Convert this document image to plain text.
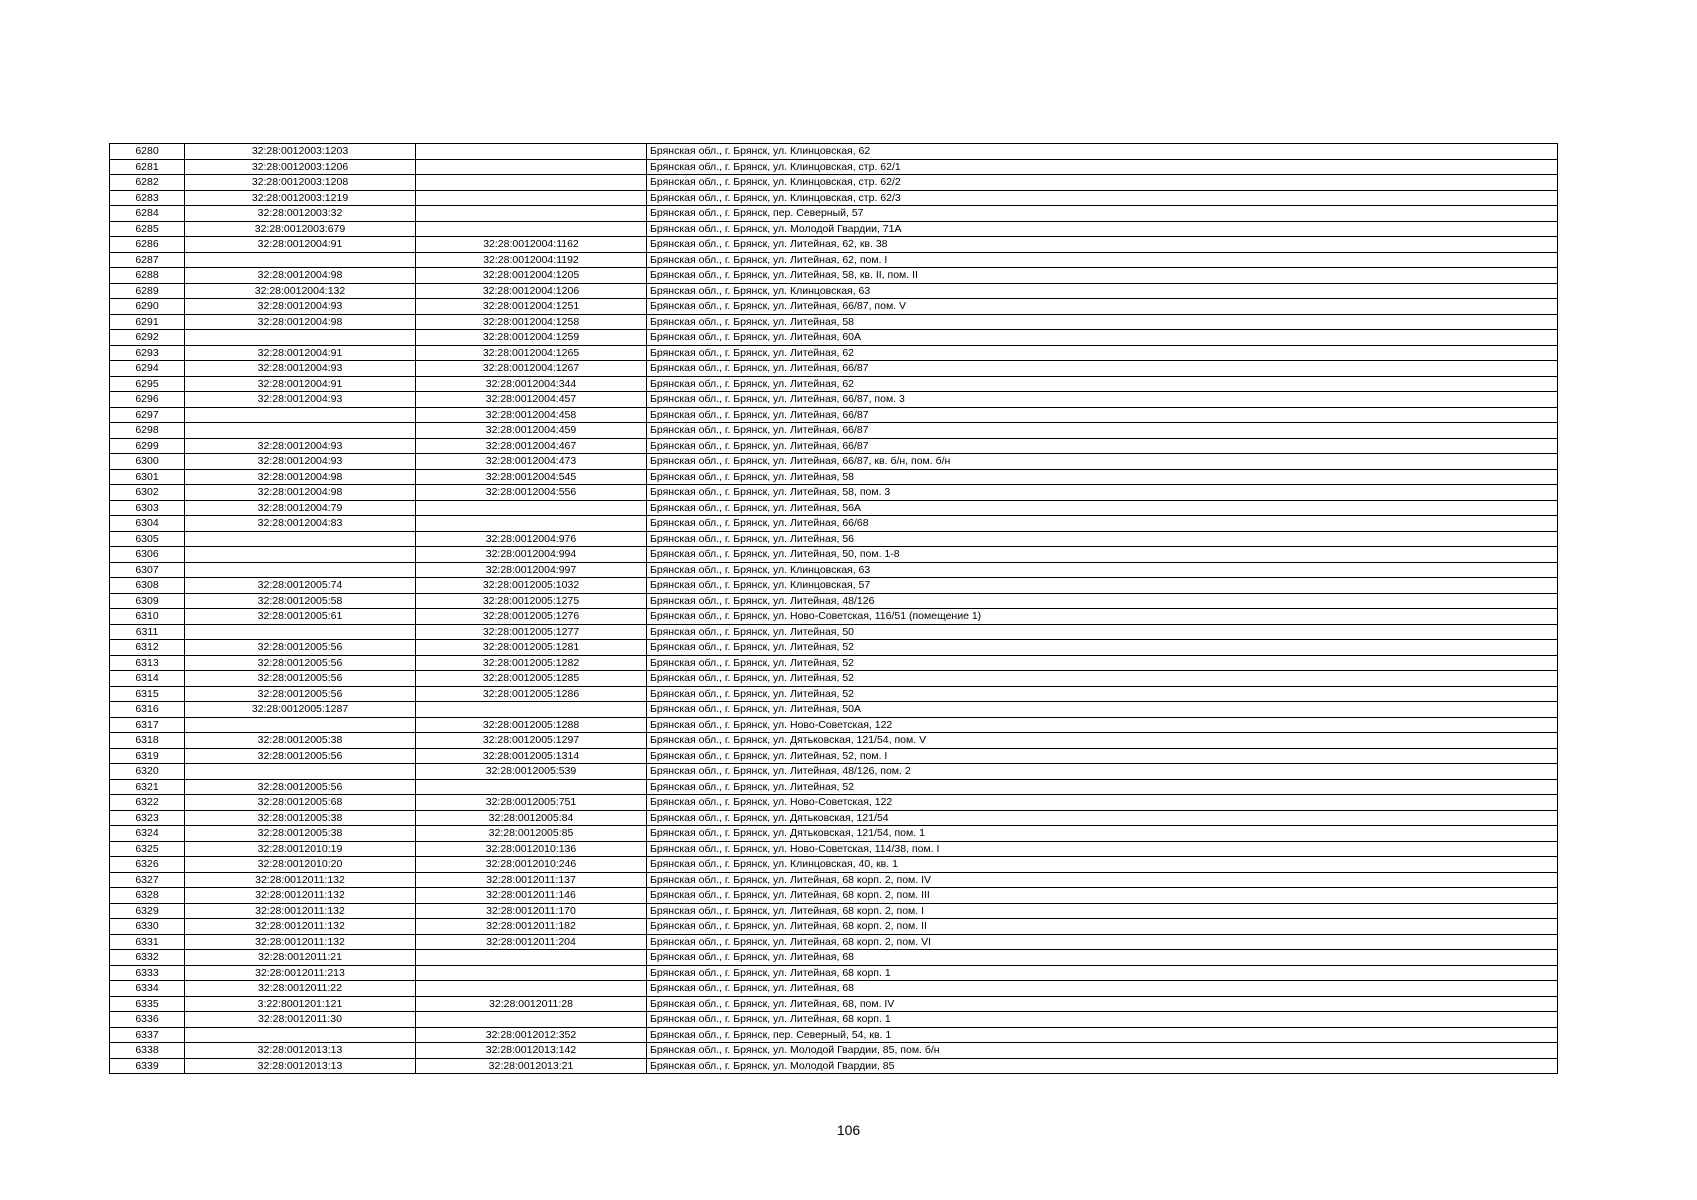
6280	32:28:0012003:1203		Брянская обл., г. Брянск, ул. Клинцовская, 62
6281	32:28:0012003:1206		Брянская обл., г. Брянск, ул. Клинцовская, стр. 62/1
6282	32:28:0012003:1208		Брянская обл., г. Брянск, ул. Клинцовская, стр. 62/2
6283	32:28:0012003:1219		Брянская обл., г. Брянск, ул. Клинцовская, стр. 62/3
6284	32:28:0012003:32		Брянская обл., г. Брянск, пер. Северный, 57
6285	32:28:0012003:679		Брянская обл., г. Брянск, ул. Молодой Гвардии, 71А
6286	32:28:0012004:91	32:28:0012004:1162	Брянская обл., г. Брянск, ул. Литейная, 62, кв. 38
6287		32:28:0012004:1192	Брянская обл., г. Брянск, ул. Литейная, 62, пом. I
6288	32:28:0012004:98	32:28:0012004:1205	Брянская обл., г. Брянск, ул. Литейная, 58, кв. II, пом. II
6289	32:28:0012004:132	32:28:0012004:1206	Брянская обл., г. Брянск, ул. Клинцовская, 63
6290	32:28:0012004:93	32:28:0012004:1251	Брянская обл., г. Брянск, ул. Литейная, 66/87, пом. V
6291	32:28:0012004:98	32:28:0012004:1258	Брянская обл., г. Брянск, ул. Литейная, 58
6292		32:28:0012004:1259	Брянская обл., г. Брянск, ул. Литейная, 60А
6293	32:28:0012004:91	32:28:0012004:1265	Брянская обл., г. Брянск, ул. Литейная, 62
6294	32:28:0012004:93	32:28:0012004:1267	Брянская обл., г. Брянск, ул. Литейная, 66/87
6295	32:28:0012004:91	32:28:0012004:344	Брянская обл., г. Брянск, ул. Литейная, 62
6296	32:28:0012004:93	32:28:0012004:457	Брянская обл., г. Брянск, ул. Литейная, 66/87, пом. 3
6297		32:28:0012004:458	Брянская обл., г. Брянск, ул. Литейная, 66/87
6298		32:28:0012004:459	Брянская обл., г. Брянск, ул. Литейная, 66/87
6299	32:28:0012004:93	32:28:0012004:467	Брянская обл., г. Брянск, ул. Литейная, 66/87
6300	32:28:0012004:93	32:28:0012004:473	Брянская обл., г. Брянск, ул. Литейная, 66/87, кв. б/н, пом. б/н
6301	32:28:0012004:98	32:28:0012004:545	Брянская обл., г. Брянск, ул. Литейная, 58
6302	32:28:0012004:98	32:28:0012004:556	Брянская обл., г. Брянск, ул. Литейная, 58, пом. 3
6303	32:28:0012004:79		Брянская обл., г. Брянск, ул. Литейная, 56А
6304	32:28:0012004:83		Брянская обл., г. Брянск, ул. Литейная, 66/68
6305		32:28:0012004:976	Брянская обл., г. Брянск, ул. Литейная, 56
6306		32:28:0012004:994	Брянская обл., г. Брянск, ул. Литейная, 50, пом. 1-8
6307		32:28:0012004:997	Брянская обл., г. Брянск, ул. Клинцовская, 63
6308	32:28:0012005:74	32:28:0012005:1032	Брянская обл., г. Брянск, ул. Клинцовская, 57
6309	32:28:0012005:58	32:28:0012005:1275	Брянская обл., г. Брянск, ул. Литейная, 48/126
6310	32:28:0012005:61	32:28:0012005:1276	Брянская обл., г. Брянск, ул. Ново-Советская, 116/51 (помещение 1)
6311		32:28:0012005:1277	Брянская обл., г. Брянск, ул. Литейная, 50
6312	32:28:0012005:56	32:28:0012005:1281	Брянская обл., г. Брянск, ул. Литейная, 52
6313	32:28:0012005:56	32:28:0012005:1282	Брянская обл., г. Брянск, ул. Литейная, 52
6314	32:28:0012005:56	32:28:0012005:1285	Брянская обл., г. Брянск, ул. Литейная, 52
6315	32:28:0012005:56	32:28:0012005:1286	Брянская обл., г. Брянск, ул. Литейная, 52
6316	32:28:0012005:1287		Брянская обл., г. Брянск, ул. Литейная, 50А
6317		32:28:0012005:1288	Брянская обл., г. Брянск, ул. Ново-Советская, 122
6318	32:28:0012005:38	32:28:0012005:1297	Брянская обл., г. Брянск, ул. Дятьковская, 121/54, пом. V
6319	32:28:0012005:56	32:28:0012005:1314	Брянская обл., г. Брянск, ул. Литейная, 52, пом. I
6320		32:28:0012005:539	Брянская обл., г. Брянск, ул. Литейная, 48/126, пом. 2
6321	32:28:0012005:56		Брянская обл., г. Брянск, ул. Литейная, 52
6322	32:28:0012005:68	32:28:0012005:751	Брянская обл., г. Брянск, ул. Ново-Советская, 122
6323	32:28:0012005:38	32:28:0012005:84	Брянская обл., г. Брянск, ул. Дятьковская, 121/54
6324	32:28:0012005:38	32:28:0012005:85	Брянская обл., г. Брянск, ул. Дятьковская, 121/54, пом. 1
6325	32:28:0012010:19	32:28:0012010:136	Брянская обл., г. Брянск, ул. Ново-Советская, 114/38, пом. I
6326	32:28:0012010:20	32:28:0012010:246	Брянская обл., г. Брянск, ул. Клинцовская, 40, кв. 1
6327	32:28:0012011:132	32:28:0012011:137	Брянская обл., г. Брянск, ул. Литейная, 68 корп. 2, пом. IV
6328	32:28:0012011:132	32:28:0012011:146	Брянская обл., г. Брянск, ул. Литейная, 68 корп. 2, пом. III
6329	32:28:0012011:132	32:28:0012011:170	Брянская обл., г. Брянск, ул. Литейная, 68 корп. 2, пом. I
6330	32:28:0012011:132	32:28:0012011:182	Брянская обл., г. Брянск, ул. Литейная, 68 корп. 2, пом. II
6331	32:28:0012011:132	32:28:0012011:204	Брянская обл., г. Брянск, ул. Литейная, 68 корп. 2, пом. VI
6332	32:28:0012011:21		Брянская обл., г. Брянск, ул. Литейная, 68
6333	32:28:0012011:213		Брянская обл., г. Брянск, ул. Литейная, 68 корп. 1
6334	32:28:0012011:22		Брянская обл., г. Брянск, ул. Литейная, 68
6335	3:22:8001201:121	32:28:0012011:28	Брянская обл., г. Брянск, ул. Литейная, 68, пом. IV
6336	32:28:0012011:30		Брянская обл., г. Брянск, ул. Литейная, 68 корп. 1
6337		32:28:0012012:352	Брянская обл., г. Брянск, пер. Северный, 54, кв. 1
6338	32:28:0012013:13	32:28:0012013:142	Брянская обл., г. Брянск, ул. Молодой Гвардии, 85, пом. б/н
6339	32:28:0012013:13	32:28:0012013:21	Брянская обл., г. Брянск, ул. Молодой Гвардии, 85
106
